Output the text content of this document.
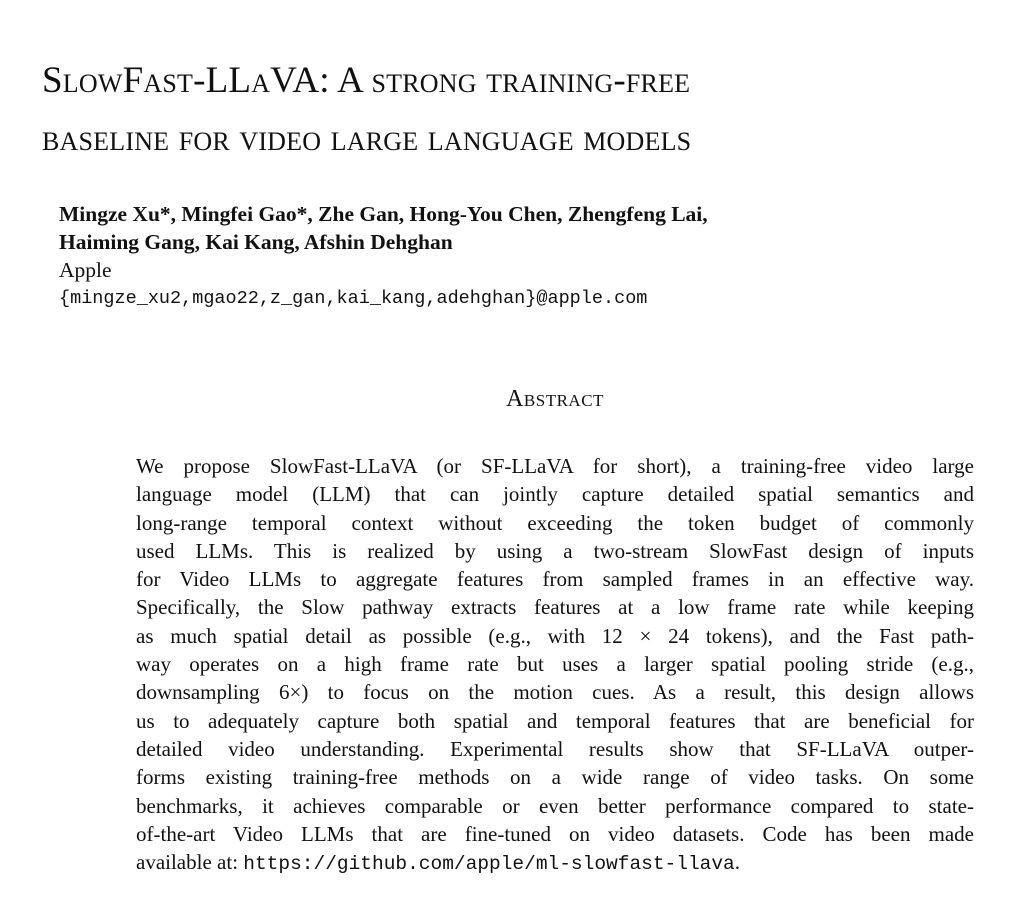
SlowFast-LLaVA: A strong training-free
baseline for video large language models
Mingze Xu*, Mingfei Gao*, Zhe Gan, Hong-You Chen, Zhengfeng Lai,
Haiming Gang, Kai Kang, Afshin Dehghan
Apple
{mingze_xu2,mgao22,z_gan,kai_kang,adehghan}@apple.com
Abstract
We propose SlowFast-LLaVA (or SF-LLaVA for short), a training-free video large
language model (LLM) that can jointly capture detailed spatial semantics and
long-range temporal context without exceeding the token budget of commonly
used LLMs. This is realized by using a two-stream SlowFast design of inputs
for Video LLMs to aggregate features from sampled frames in an effective way.
Specifically, the Slow pathway extracts features at a low frame rate while keeping
as much spatial detail as possible (e.g., with 12 × 24 tokens), and the Fast path-
way operates on a high frame rate but uses a larger spatial pooling stride (e.g.,
downsampling 6×) to focus on the motion cues. As a result, this design allows
us to adequately capture both spatial and temporal features that are beneficial for
detailed video understanding. Experimental results show that SF-LLaVA outper-
forms existing training-free methods on a wide range of video tasks. On some
benchmarks, it achieves comparable or even better performance compared to state-
of-the-art Video LLMs that are fine-tuned on video datasets. Code has been made
available at: https://github.com/apple/ml-slowfast-llava.
